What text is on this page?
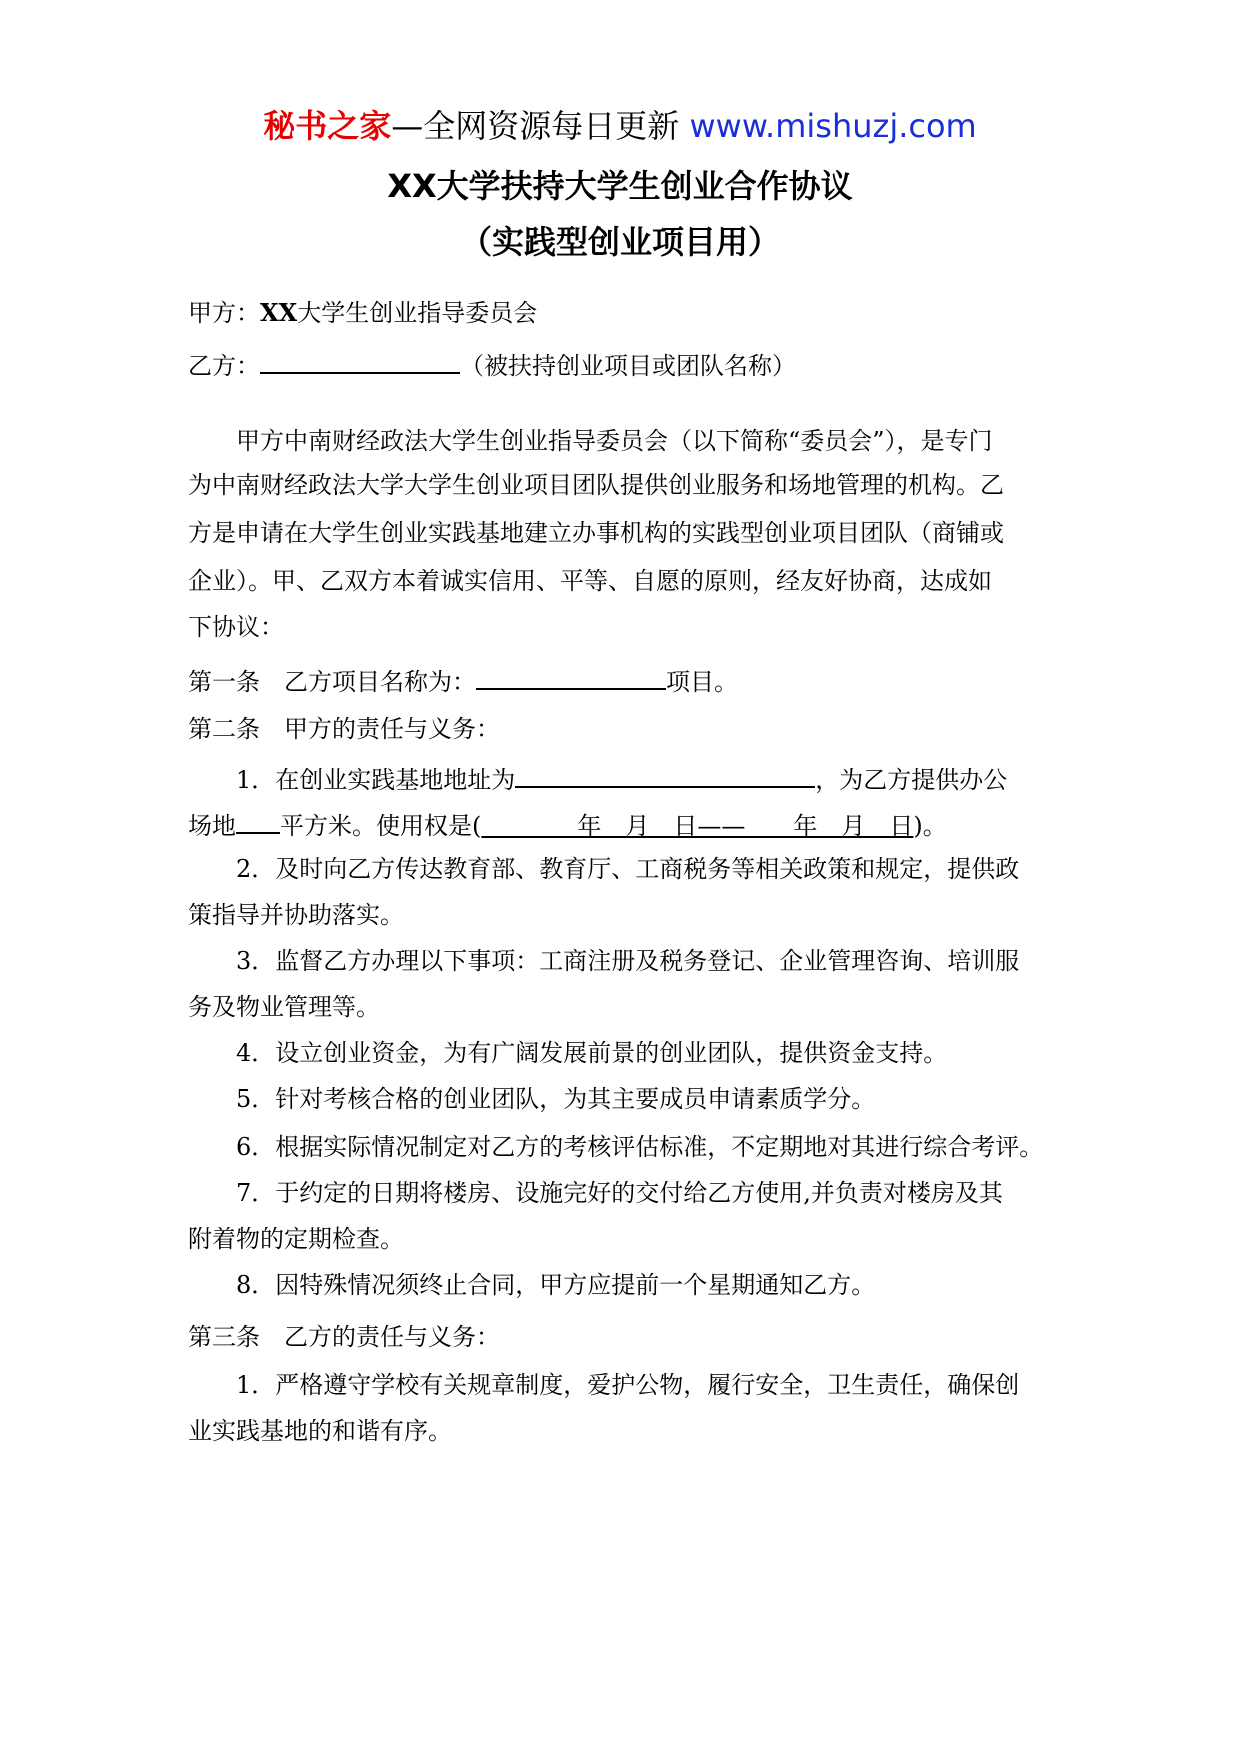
秘书之家—全网资源每日更新 www.mishuzj.com
XX大学扶持大学生创业合作协议
（实践型创业项目用）
甲方：XX大学生创业指导委员会
乙方：	（被扶持创业项目或团队名称）
甲方中南财经政法大学生创业指导委员会（以下简称“委员会”），是专门
为中南财经政法大学大学生创业项目团队提供创业服务和场地管理的机构。乙
方是申请在大学生创业实践基地建立办事机构的实践型创业项目团队（商铺或
企业）。甲、乙双方本着诚实信用、平等、自愿的原则，经友好协商，达成如
下协议：
第一条　乙方项目名称为：	项目。
第二条　甲方的责任与义务：
1．在创业实践基地地址为	，为乙方提供办公
场地 平方米。使用权是(　　　　年　月　日——　　年　月　日)。
2．及时向乙方传达教育部、教育厅、工商税务等相关政策和规定，提供政
策指导并协助落实。
3．监督乙方办理以下事项：工商注册及税务登记、企业管理咨询、培训服
务及物业管理等。
4．设立创业资金，为有广阔发展前景的创业团队，提供资金支持。
5．针对考核合格的创业团队，为其主要成员申请素质学分。
6．根据实际情况制定对乙方的考核评估标准，不定期地对其进行综合考评。
7．于约定的日期将楼房、设施完好的交付给乙方使用,并负责对楼房及其
附着物的定期检查。
8．因特殊情况须终止合同，甲方应提前一个星期通知乙方。
第三条　乙方的责任与义务：
1．严格遵守学校有关规章制度，爱护公物，履行安全，卫生责任，确保创
业实践基地的和谐有序。
